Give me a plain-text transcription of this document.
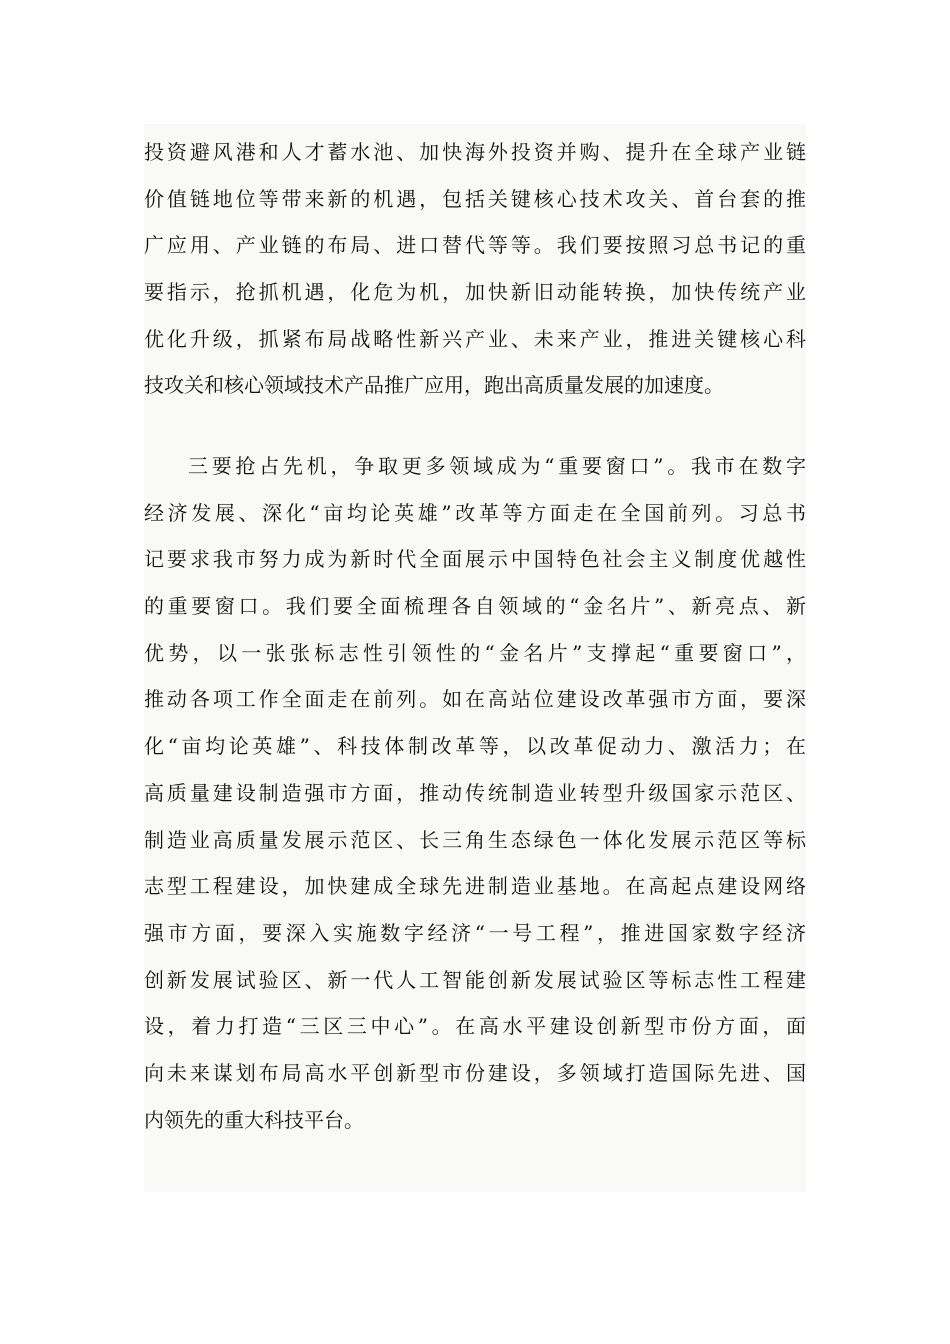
投资避风港和人才蓄水池、加快海外投资并购、提升在全球产业链
价值链地位等带来新的机遇，包括关键核心技术攻关、首台套的推
广应用、产业链的布局、进口替代等等。我们要按照习总书记的重
要指示，抢抓机遇，化危为机，加快新旧动能转换，加快传统产业
优化升级，抓紧布局战略性新兴产业、未来产业，推进关键核心科
技攻关和核心领域技术产品推广应用，跑出高质量发展的加速度。
三要抢占先机，争取更多领域成为“重要窗口”。我市在数字
经济发展、深化“亩均论英雄”改革等方面走在全国前列。习总书
记要求我市努力成为新时代全面展示中国特色社会主义制度优越性
的重要窗口。我们要全面梳理各自领域的“金名片”、新亮点、新
优势，以一张张标志性引领性的“金名片”支撑起“重要窗口”，
推动各项工作全面走在前列。如在高站位建设改革强市方面，要深
化“亩均论英雄”、科技体制改革等，以改革促动力、激活力；在
高质量建设制造强市方面，推动传统制造业转型升级国家示范区、
制造业高质量发展示范区、长三角生态绿色一体化发展示范区等标
志型工程建设，加快建成全球先进制造业基地。在高起点建设网络
强市方面，要深入实施数字经济“一号工程”，推进国家数字经济
创新发展试验区、新一代人工智能创新发展试验区等标志性工程建
设，着力打造“三区三中心”。在高水平建设创新型市份方面，面
向未来谋划布局高水平创新型市份建设，多领域打造国际先进、国
内领先的重大科技平台。
